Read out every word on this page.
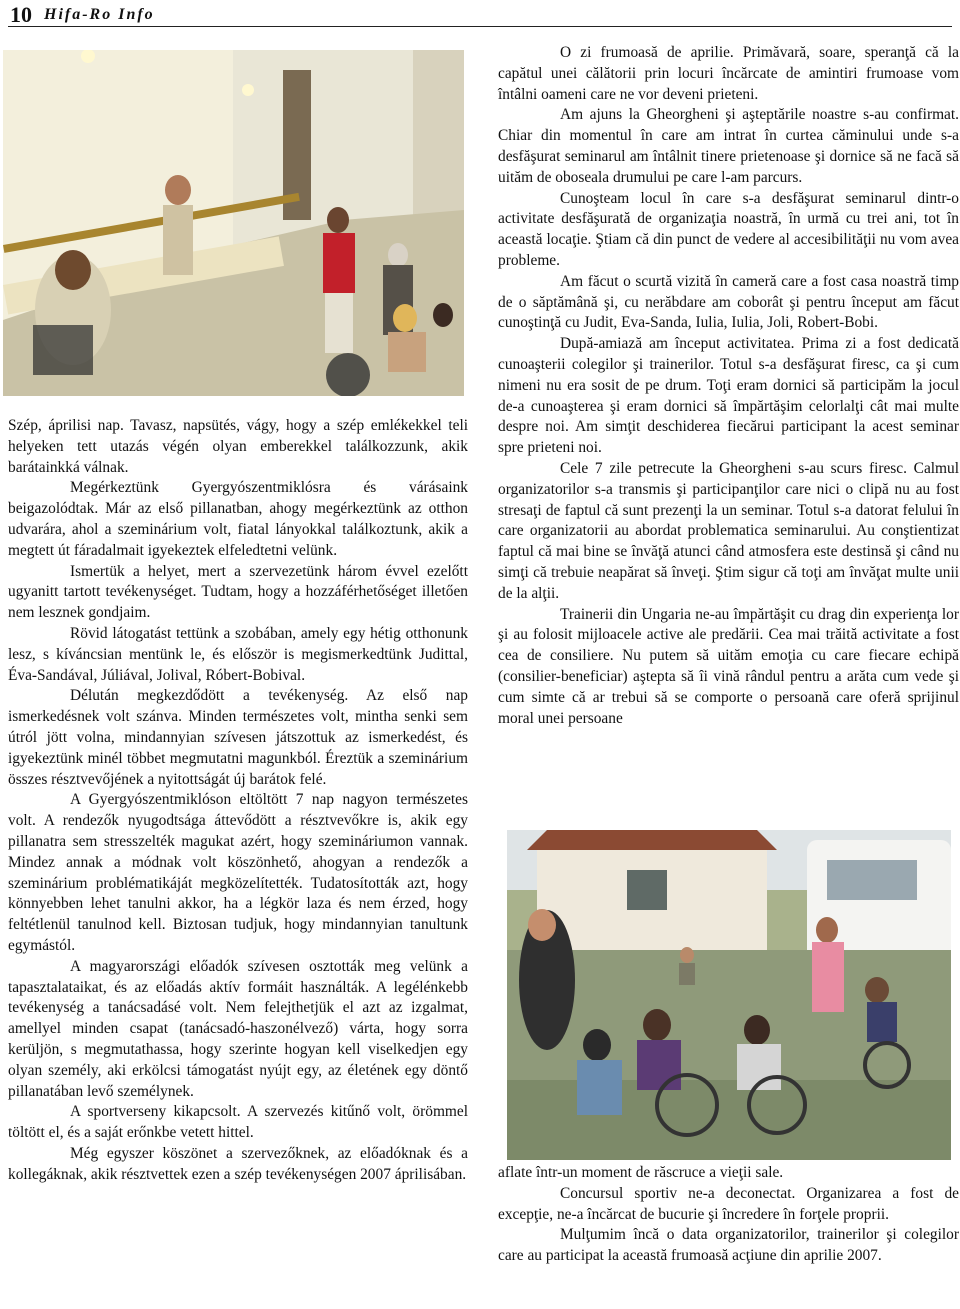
10 Hifa-Ro Info

Szép, áprilisi nap. Tavasz, napsütés, vágy, hogy a szép emlékekkel teli helyeken tett utazás végén olyan emberekkel találkozzunk, akik barátainkká válnak.

Megérkeztünk Gyergyószentmiklósra és várásaink beigazolódtak. Már az első pillanatban, ahogy megérkeztünk az otthon udvarára, ahol a szeminárium volt, fiatal lányokkal találkoztunk, akik a megtett út fáradalmait igyekeztek elfeledtetni velünk.

Ismertük a helyet, mert a szervezetünk három évvel ezelőtt ugyanitt tartott tevékenységet. Tudtam, hogy a hozzáférhetőséget illetően nem lesznek gondjaim.

Rövid látogatást tettünk a szobában, amely egy hétig otthonunk lesz, s kíváncsian mentünk le, és először is megismerkedtünk Judittal, Éva-Sandával, Júliával, Jolival, Róbert-Bobival.

Délután megkezdődött a tevékenység. Az első nap ismerkedésnek volt szánva. Minden természetes volt, mintha senki sem útról jött volna, mindannyian szívesen játszottuk az ismerkedést, és igyekeztünk minél többet megmutatni magunkból. Éreztük a szeminárium összes résztvevőjének a nyitottságát új barátok felé.

A Gyergyószentmiklóson eltöltött 7 nap nagyon természetes volt. A rendezők nyugodtsága áttevődött a résztvevőkre is, akik egy pillanatra sem stresszelték magukat azért, hogy szemináriumon vannak. Mindez annak a módnak volt köszönhető, ahogyan a rendezők a szeminárium problématikáját megközelítették. Tudatosították azt, hogy könnyebben lehet tanulni akkor, ha a légkör laza és nem érzed, hogy feltétlenül tanulnod kell. Biztosan tudjuk, hogy mindannyian tanultunk egymástól.

A magyarországi előadók szívesen osztották meg velünk a tapasztalataikat, és az előadás aktív formáit használták. A legélénkebb tevékenység a tanácsadásé volt. Nem felejthetjük el azt az izgalmat, amellyel minden csapat (tanácsadó-haszonélvező) várta, hogy sorra kerüljön, s megmutathassa, hogy szerinte hogyan kell viselkedjen egy olyan személy, aki erkölcsi támogatást nyújt egy, az életének egy döntő pillanatában levő személynek.

A sportverseny kikapcsolt. A szervezés kitűnő volt, örömmel töltött el, és a saját erőnkbe vetett hittel.

Még egyszer köszönet a szervezőknek, az előadóknak és a kollegáknak, akik résztvettek ezen a szép tevékenységen 2007 áprilisában.

O zi frumoasă de aprilie. Primăvară, soare, speranţă că la capătul unei călătorii prin locuri încărcate de amintiri frumoase vom întâlni oameni care ne vor deveni prieteni.

Am ajuns la Gheorgheni şi aşteptările noastre s-au confirmat. Chiar din momentul în care am intrat în curtea căminului unde s-a desfăşurat seminarul am întâlnit tinere prietenoase şi dornice să ne facă să uităm de oboseala drumului pe care l-am parcurs.

Cunoşteam locul în care s-a desfăşurat seminarul dintr-o activitate desfăşurată de organizaţia noastră, în urmă cu trei ani, tot în această locaţie. Ştiam că din punct de vedere al accesibilităţii nu vom avea probleme.

Am făcut o scurtă vizită în cameră care a fost casa noastră timp de o săptămână şi, cu nerăbdare am coborât şi pentru început am făcut cunoştinţă cu Judit, Eva-Sanda, Iulia, Iulia, Joli, Robert-Bobi.

După-amiază am început activitatea. Prima zi a fost dedicată cunoaşterii colegilor şi trainerilor. Totul s-a desfăşurat firesc, ca şi cum nimeni nu era sosit de pe drum. Toţi eram dornici să participăm la jocul de-a cunoaşterea şi eram dornici să împărtăşim celorlalţi cât mai multe despre noi. Am simţit deschiderea fiecărui participant la acest seminar spre prieteni noi.

Cele 7 zile petrecute la Gheorgheni s-au scurs firesc. Calmul organizatorilor s-a transmis şi participanţilor care nici o clipă nu au fost stresaţi de faptul că sunt prezenţi la un seminar. Totul s-a datorat felului în care organizatorii au abordat problematica seminarului. Au conştientizat faptul că mai bine se învăţă atunci când atmosfera este destinsă şi când nu simţi că trebuie neapărat să înveţi. Ştim sigur că toţi am învăţat multe unii de la alţii.

Trainerii din Ungaria ne-au împărtăşit cu drag din experienţa lor şi au folosit mijloacele active ale predării. Cea mai trăită activitate a fost cea de consiliere. Nu putem să uităm emoţia cu care fiecare echipă (consilier-beneficiar) aştepta să îi vină rândul pentru a arăta cum vede şi cum simte că ar trebui să se comporte o persoană care oferă sprijinul moral unei persoane

aflate într-un moment de răscruce a vieţii sale.

Concursul sportiv ne-a deconectat. Organizarea a fost de excepţie, ne-a încărcat de bucurie şi încredere în forţele proprii.

Mulţumim încă o data organizatorilor, trainerilor şi colegilor care au participat la această frumoasă acţiune din aprilie 2007.
